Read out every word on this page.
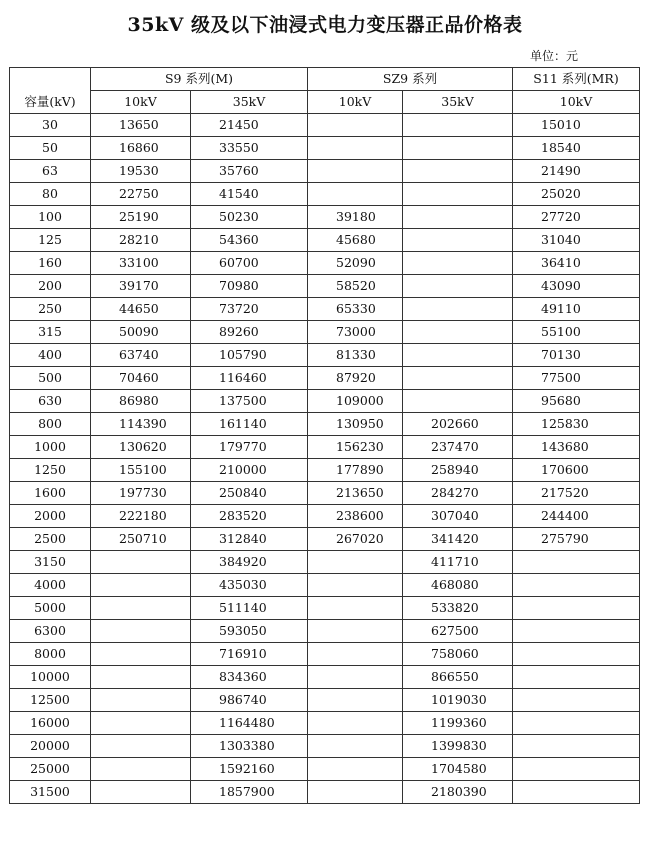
35kV 级及以下油浸式电力变压器正品价格表
单位：元
容量(kV)	S9 系列(M)		SZ9 系列		S11 系列(MR)
	10kV	35kV	10kV	35kV	10kV
30	13650	21450			15010
50	16860	33550			18540
63	19530	35760			21490
80	22750	41540			25020
100	25190	50230	39180		27720
125	28210	54360	45680		31040
160	33100	60700	52090		36410
200	39170	70980	58520		43090
250	44650	73720	65330		49110
315	50090	89260	73000		55100
400	63740	105790	81330		70130
500	70460	116460	87920		77500
630	86980	137500	109000		95680
800	114390	161140	130950	202660	125830
1000	130620	179770	156230	237470	143680
1250	155100	210000	177890	258940	170600
1600	197730	250840	213650	284270	217520
2000	222180	283520	238600	307040	244400
2500	250710	312840	267020	341420	275790
3150		384920		411710	
4000		435030		468080	
5000		511140		533820	
6300		593050		627500	
8000		716910		758060	
10000		834360		866550	
12500		986740		1019030	
16000		1164480		1199360	
20000		1303380		1399830	
25000		1592160		1704580	
31500		1857900		2180390	
